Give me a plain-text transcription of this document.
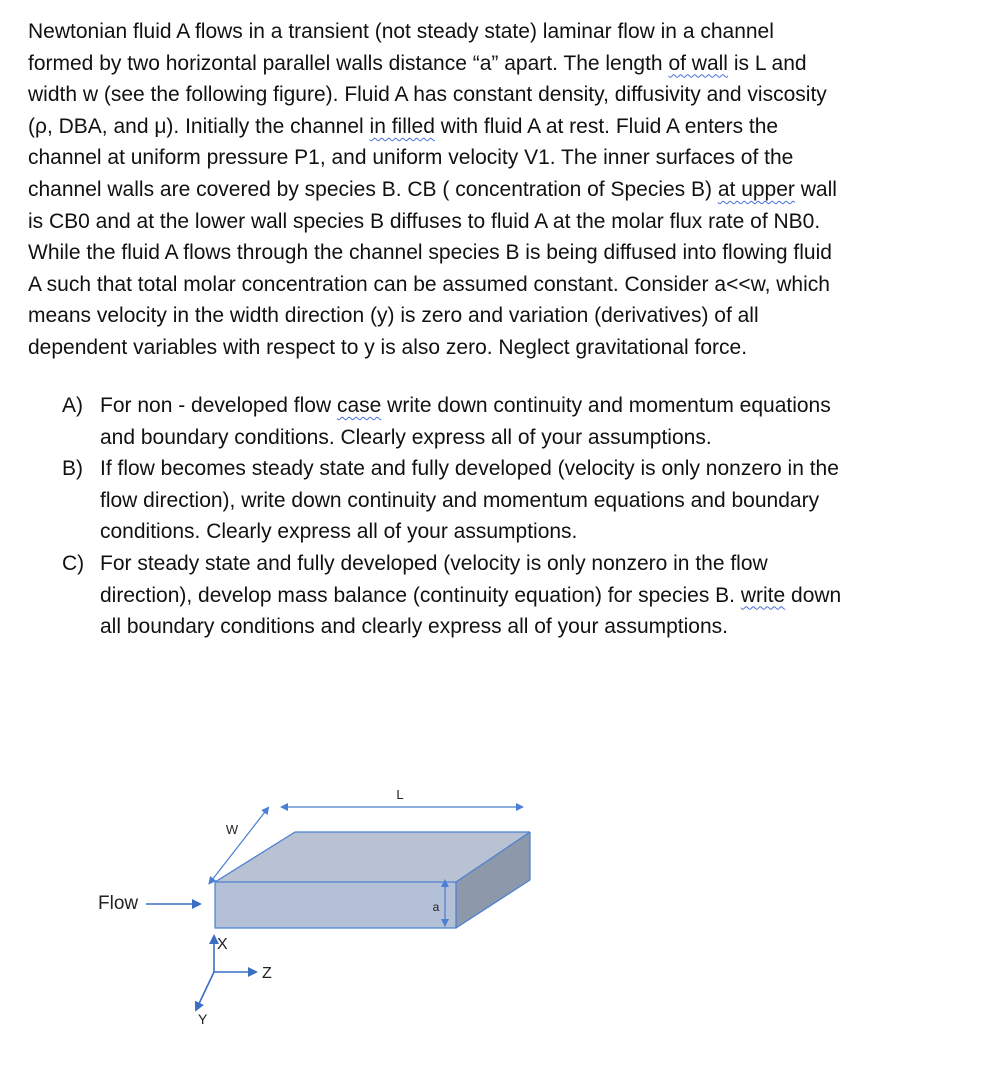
Newtonian fluid A flows in a transient (not steady state) laminar flow in a channel
formed by two horizontal parallel walls distance “a” apart. The length of wall is L and
width w (see the following figure). Fluid A has constant density, diffusivity and viscosity
(ρ, DBA, and μ). Initially the channel in filled with fluid A at rest. Fluid A enters the
channel at uniform pressure P1, and uniform velocity V1. The inner surfaces of the
channel walls are covered by species B. CB ( concentration of Species B) at upper wall
is CB0 and at the lower wall species B diffuses to fluid A at the molar flux rate of NB0.
While the fluid A flows through the channel species B is being diffused into flowing fluid
A such that total molar concentration can be assumed constant. Consider a<<w, which
means velocity in the width direction (y) is zero and variation (derivatives) of all
dependent variables with respect to y is also zero. Neglect gravitational force.
A) For non - developed flow case write down continuity and momentum equations
and boundary conditions. Clearly express all of your assumptions.
B) If flow becomes steady state and fully developed (velocity is only nonzero in the
flow direction), write down continuity and momentum equations and boundary
conditions. Clearly express all of your assumptions.
C) For steady state and fully developed (velocity is only nonzero in the flow
direction), develop mass balance (continuity equation) for species B. write down
all boundary conditions and clearly express all of your assumptions.
L
W
a
Flow
X
Z
Y
